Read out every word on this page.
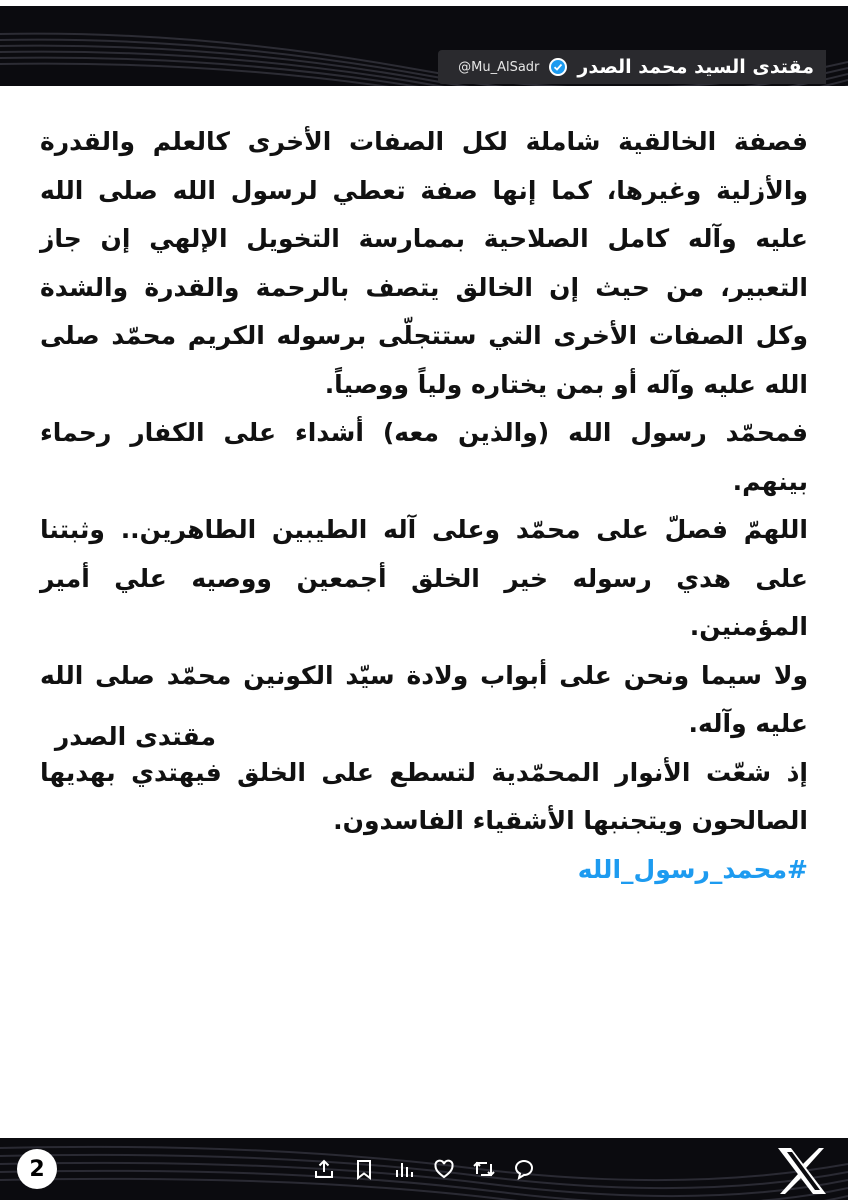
مقتدى السيد محمد الصدر
@Mu_AlSadr

فصفة الخالقية شاملة لكل الصفات الأخرى كالعلم والقدرة والأزلية وغيرها، كما إنها صفة تعطي لرسول الله صلى الله عليه وآله كامل الصلاحية بممارسة التخويل الإلهي إن جاز التعبير، من حيث إن الخالق يتصف بالرحمة والقدرة والشدة وكل الصفات الأخرى التي ستتجلّى برسوله الكريم محمّد صلى الله عليه وآله أو بمن يختاره ولياً ووصياً.

فمحمّد رسول الله (والذين معه) أشداء على الكفار رحماء بينهم.

اللهمّ فصلّ على محمّد وعلى آله الطيبين الطاهرين.. وثبتنا على هدي رسوله خير الخلق أجمعين ووصيه علي أمير المؤمنين.

ولا سيما ونحن على أبواب ولادة سيّد الكونين محمّد صلى الله عليه وآله.

إذ شعّت الأنوار المحمّدية لتسطع على الخلق فيهتدي بهديها الصالحون ويتجنبها الأشقياء الفاسدون.

#محمد_رسول_الله

مقتدى الصدر
2
